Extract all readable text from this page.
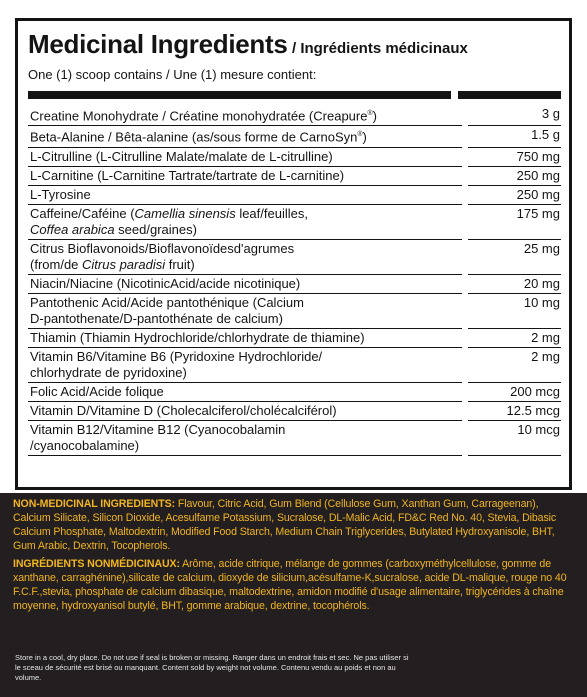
Medicinal Ingredients / Ingrédients médicinaux
One (1) scoop contains / Une (1) mesure contient:
Creatine Monohydrate / Créatine monohydratée (Creapure®)	3 g
Beta-Alanine / Bêta-alanine (as/sous forme de CarnoSyn®)	1.5 g
L-Citrulline (L-Citrulline Malate/malate de L-citrulline)	750 mg
L-Carnitine (L-Carnitine Tartrate/tartrate de L-carnitine)	250 mg
L-Tyrosine	250 mg
Caffeine/Caféine (Camellia sinensis leaf/feuilles,
Coffea arabica seed/graines)	175 mg
Citrus Bioflavonoids/Bioflavonoïdesd'agrumes
(from/de Citrus paradisi fruit)	25 mg
Niacin/Niacine (NicotinicAcid/acide nicotinique)	20 mg
Pantothenic Acid/Acide pantothénique (Calcium
D-pantothenate/D-pantothénate de calcium)	10 mg
Thiamin (Thiamin Hydrochloride/chlorhydrate de thiamine)	2 mg
Vitamin B6/Vitamine B6 (Pyridoxine Hydrochloride/
chlorhydrate de pyridoxine)	2 mg
Folic Acid/Acide folique	200 mcg
Vitamin D/Vitamine D (Cholecalciferol/cholécalciférol)	12.5 mcg
Vitamin B12/Vitamine B12 (Cyanocobalamin
/cyanocobalamine)	10 mcg
NON-MEDICINAL INGREDIENTS: Flavour, Citric Acid, Gum Blend (Cellulose Gum, Xanthan Gum, Carrageenan), Calcium Silicate, Silicon Dioxide, Acesulfame Potassium, Sucralose, DL-Malic Acid, FD&C Red No. 40, Stevia, Dibasic Calcium Phosphate, Maltodextrin, Modified Food Starch, Medium Chain Triglycerides, Butylated Hydroxyanisole, BHT, Gum Arabic, Dextrin, Tocopherols.
INGRÉDIENTS NONMÉDICINAUX: Arôme, acide citrique, mélange de gommes (carboxyméthylcellulose, gomme de xanthane, carraghénine),silicate de calcium, dioxyde de silicium,acésulfame-K,sucralose, acide DL-malique, rouge no 40 F.C.F.,stevia, phosphate de calcium dibasique, maltodextrine, amidon modifié d'usage alimentaire, triglycérides à chaîne moyenne, hydroxyanisol butylé, BHT, gomme arabique, dextrine, tocophérols.
Store in a cool, dry place. Do not use if seal is broken or missing. Ranger dans un endroit frais et sec. Ne pas utiliser si le sceau de sécurité est brisé ou manquant. Content sold by weight not volume. Contenu vendu au poids et non au volume.
